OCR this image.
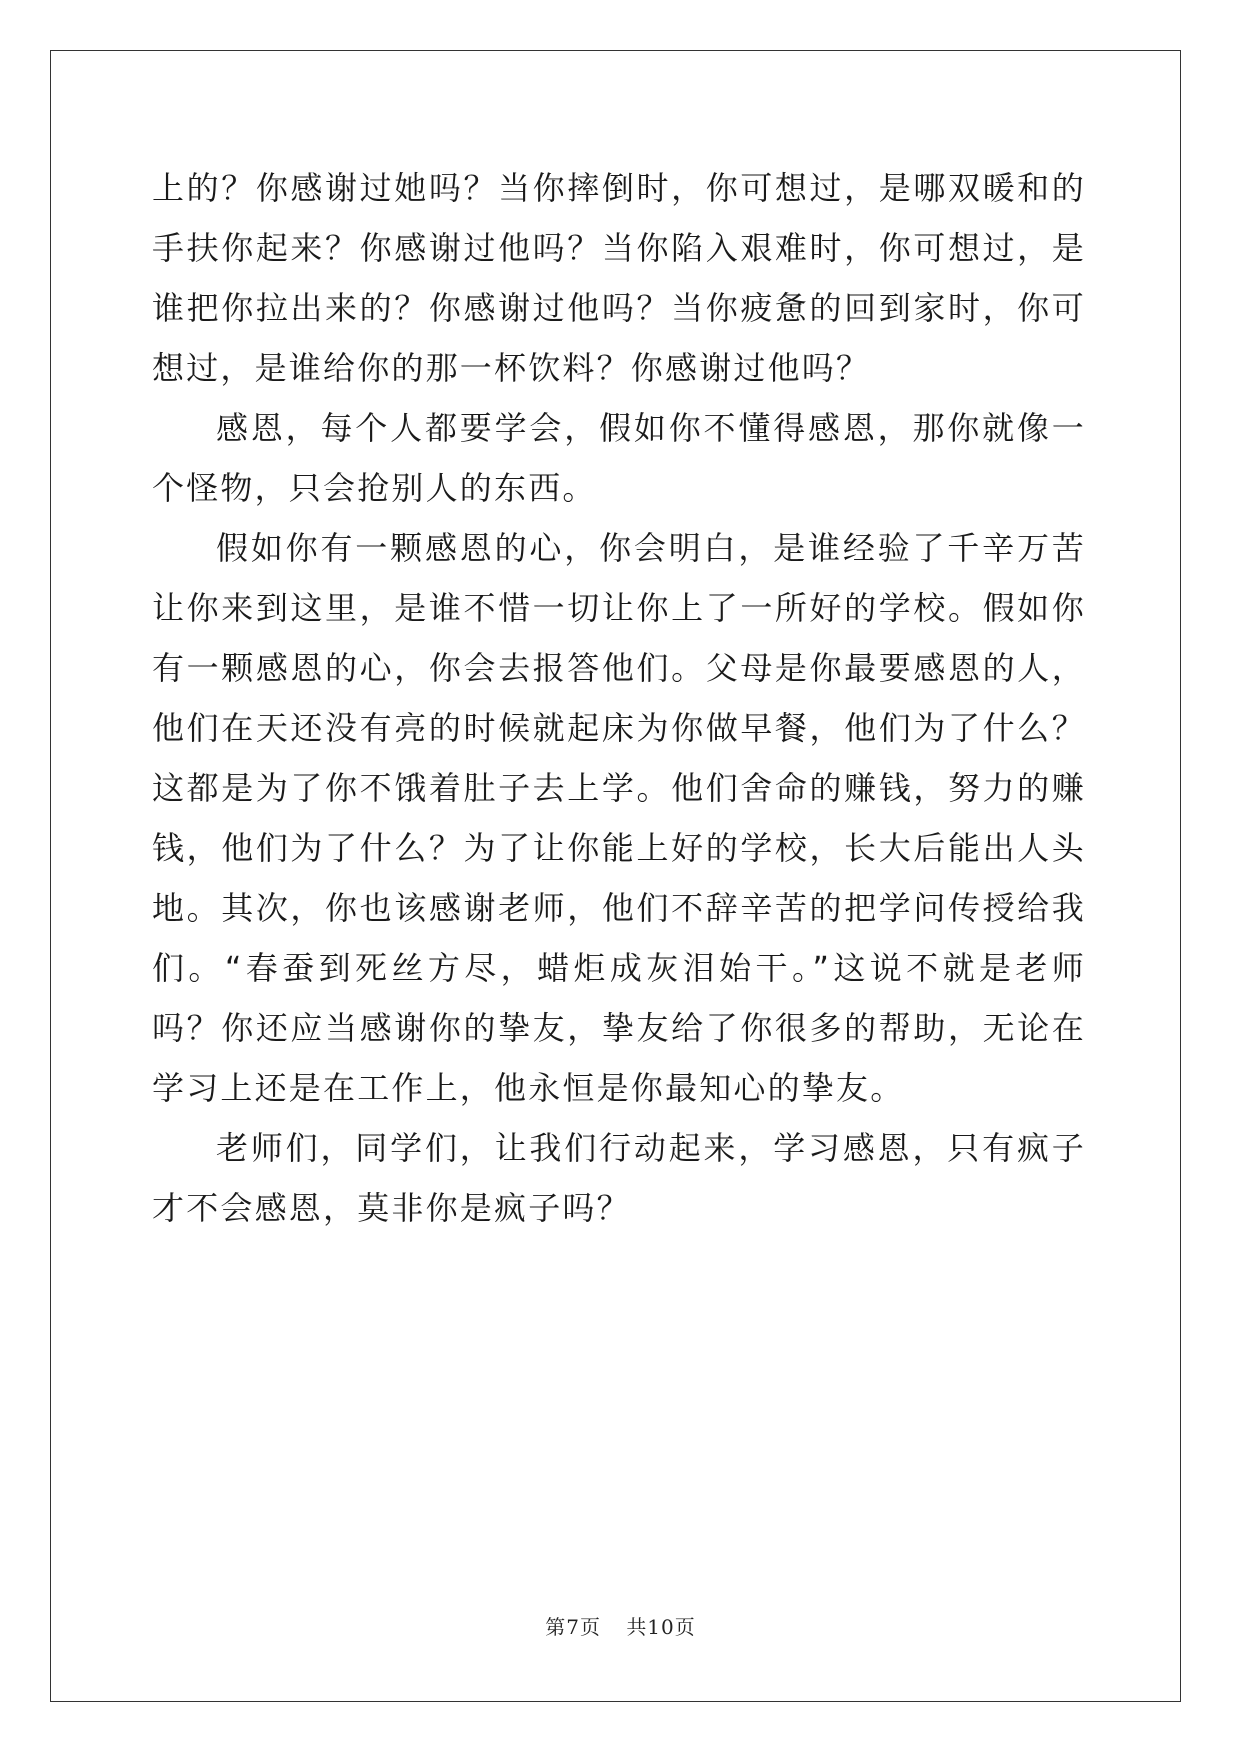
上的？你感谢过她吗？当你摔倒时，你可想过，是哪双暖和的手扶你起来？你感谢过他吗？当你陷入艰难时，你可想过，是谁把你拉出来的？你感谢过他吗？当你疲惫的回到家时，你可想过，是谁给你的那一杯饮料？你感谢过他吗？

感恩，每个人都要学会，假如你不懂得感恩，那你就像一个怪物，只会抢别人的东西。

假如你有一颗感恩的心，你会明白，是谁经验了千辛万苦让你来到这里，是谁不惜一切让你上了一所好的学校。假如你有一颗感恩的心，你会去报答他们。父母是你最要感恩的人，他们在天还没有亮的时候就起床为你做早餐，他们为了什么？这都是为了你不饿着肚子去上学。他们舍命的赚钱，努力的赚钱，他们为了什么？为了让你能上好的学校，长大后能出人头地。其次，你也该感谢老师，他们不辞辛苦的把学问传授给我们。“春蚕到死丝方尽，蜡炬成灰泪始干。”这说不就是老师吗？你还应当感谢你的挚友，挚友给了你很多的帮助，无论在学习上还是在工作上，他永恒是你最知心的挚友。

老师们，同学们，让我们行动起来，学习感恩，只有疯子才不会感恩，莫非你是疯子吗？

第7页 共10页
